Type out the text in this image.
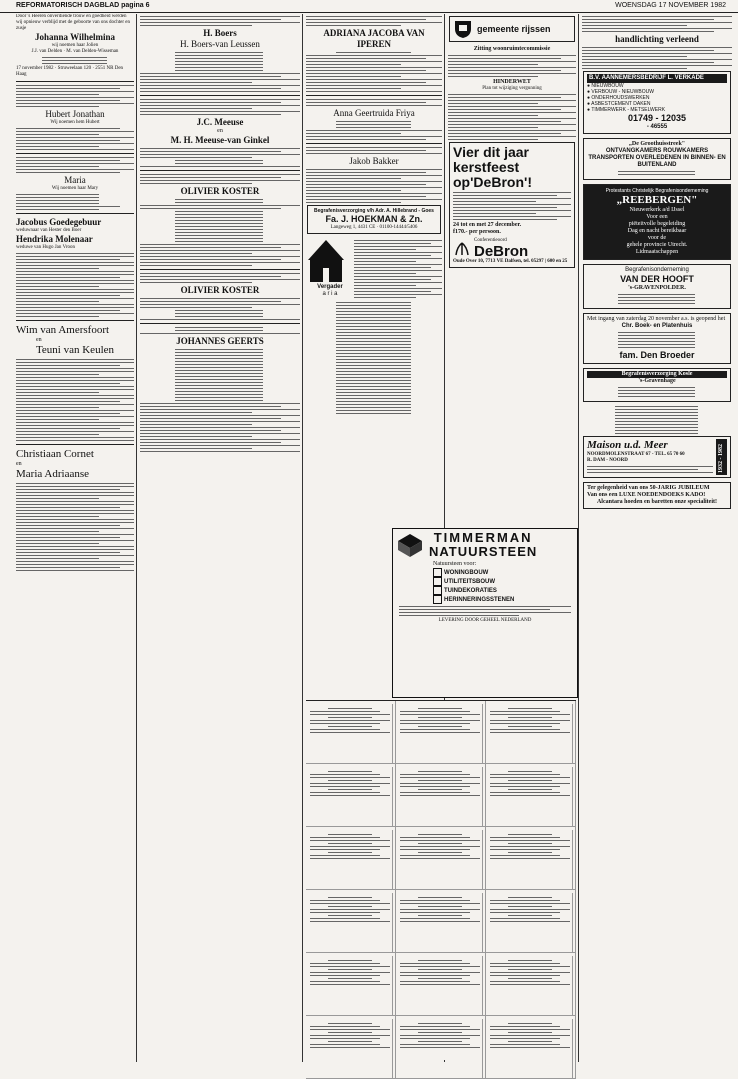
REFORMATORISCH DAGBLAD pagina 6	WOENSDAG 17 NOVEMBER 1982
Door 's Heeren onverdiende trouw en goedheid werden wij opnieuw verblijd met de geboorte van ons dochter en zusje
Johanna Wilhelmina
wij noemen haar Jolien
J.J. van Delden · M. van Delden-Wisseman
17 november 1982 · Struweelaan 120 · 2551 NR Den Haag
Hubert Jonathan
Wij noemen hem Hubert
Maria
Wij noemen haar Mary
Jacobus Goedegebuur
weduwnaar van Hester den Boer
Hendrika Molenaar
weduwe van Hugo Jan Vroon
Wim van Amersfoort
en
Teuni van Keulen
Christiaan Cornet
en
Maria Adriaanse
H. Boers
H. Boers-van Leussen
J.C. Meeuse
en
M. H. Meeuse-van Ginkel
OLIVIER KOSTER
OLIVIER KOSTER
JOHANNES GEERTS
ADRIANA JACOBA VAN IPEREN
Anna Geertruida Friya
Jakob Bakker
Begrafenisverzorging v/h Adr. A. Hillebrand - Goes
Fa. J. HOEKMAN & Zn.
Langeweg 1, 4431 CE · 01100-14444/5406
Vergader
a r i a
gemeente rijssen
Zitting woonruimtecommissie
HINDERWET
Plan tot wijziging vergunning
Vier dit jaar
kerstfeest
op'DeBron'!
24 tot en met 27 december.
f170.- per persoon.
Conferentieoord
DeBron
Oude Over 10, 7713 VE Dalfsen, tel. 05297 | 600 en 25
TIMMERMAN
NATUURSTEEN
Natuursteen voor:
WONINGBOUW
UTILITEITSBOUW
TUINDEKORATIES
HERINNERINGSSTENEN
LEVERING DOOR GEHEEL NEDERLAND
handlichting verleend
B.V. AANNEMERSBEDRIJF L. VERKADE
● NIEUWBOUW
● VERBOUW - NIEUWBOUW
● ONDERHOUDSWERKEN
● ASBESTCEMENT DAKEN
● TIMMERWERK - METSELWERK
01749 - 12035
- 46555
„De Groothuisstreek"
ONTVANGKAMERS ROUWKAMERS TRANSPORTEN OVERLEDENEN IN BINNEN- EN BUITENLAND
Protestants Christelijk Begrafenisonderneming
„REEBERGEN"
Nieuwerkerk a/d IJssel
Voor een
piëteitvolle begeleiding
Dag en nacht bereikbaar
voor de
gehele provincie Utrecht.
Lidmaatschappen
Begrafenisonderneming
VAN DER HOOFT
's-GRAVENPOLDER.
Met ingang van zaterdag 20 november a.s. is geopend het
Chr. Boek- en Platenhuis
fam. Den Broeder
Begrafenisverzorging Kosle
's-Gravenhage
Maison u.d. Meer
NOORDMOLENSTRAAT 67 - TEL. 65 70 60
R. DAM - NOORD	1932 - 1982
Ter gelegenheid van ons 50-JARIG JUBILEUM
Van ons een LUXE NOEDENDOEKS KADO!
Alcantara hoeden en baretten onze specialiteit!
